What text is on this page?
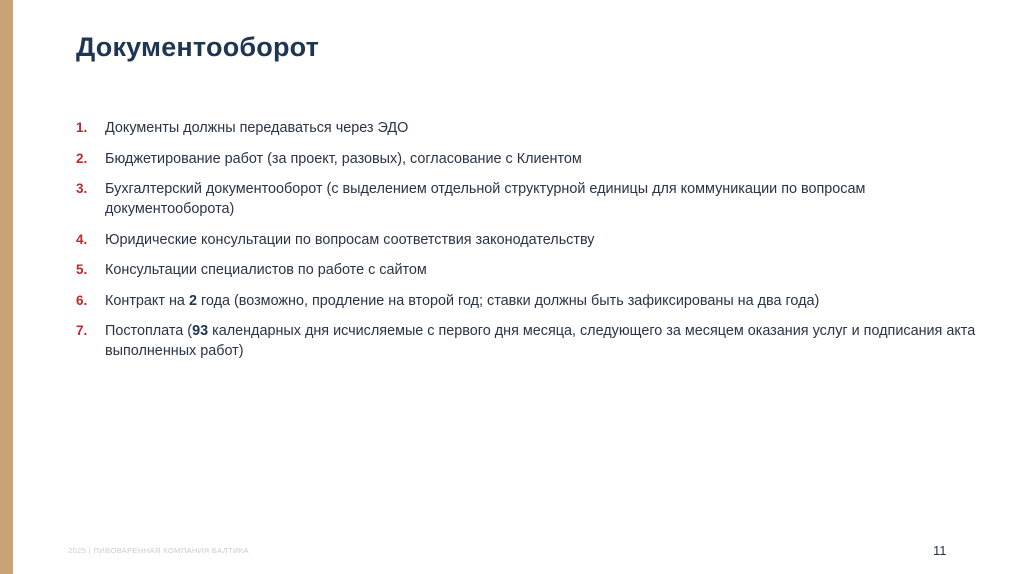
Документооборот
1.	Документы должны передаваться через ЭДО
2.	Бюджетирование работ (за проект, разовых), согласование с Клиентом
3.	Бухгалтерский документооборот (с выделением отдельной структурной единицы для коммуникации по вопросам документооборота)
4.	Юридические консультации по вопросам соответствия законодательству
5.	Консультации специалистов по работе с сайтом
6.	Контракт на 2 года (возможно, продление на второй год; ставки должны быть зафиксированы на два года)
7.	Постоплата (93 календарных дня исчисляемые с первого дня месяца, следующего за месяцем оказания услуг и подписания акта выполненных работ)
2025 | ПИВОВАРЕННАЯ КОМПАНИЯ БАЛТИКА	11
